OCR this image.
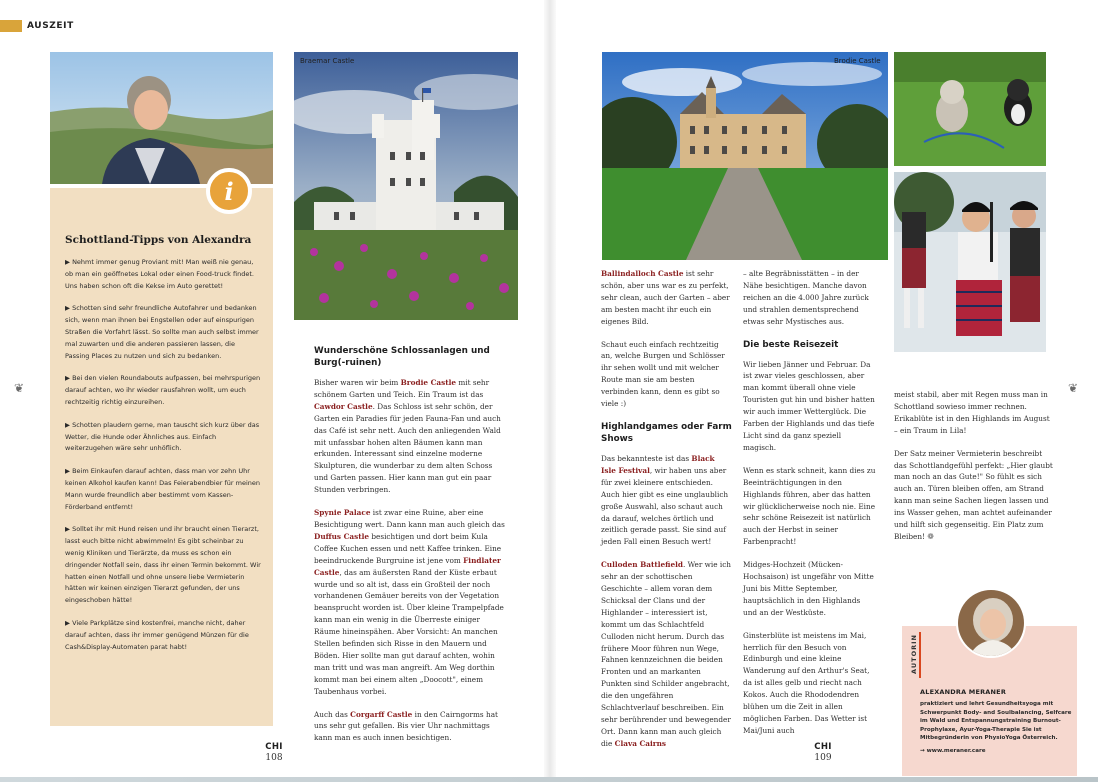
AUSZEIT
Schottland-Tipps von Alexandra

▶ Nehmt immer genug Proviant mit! Man weiß nie genau, ob man ein geöffnetes Lokal oder einen Food-truck findet. Uns haben schon oft die Kekse im Auto gerettet!

▶ Schotten sind sehr freundliche Autofahrer und bedanken sich, wenn man ihnen bei Engstellen oder auf einspurigen Straßen die Vorfahrt lässt. So sollte man auch selbst immer mal zuwarten und die anderen passieren lassen, die Passing Places zu nutzen und sich zu bedanken.

▶ Bei den vielen Roundabouts aufpassen, bei mehrspurigen darauf achten, wo ihr wieder rausfahren wollt, um euch rechtzeitig richtig einzureihen.

▶ Schotten plaudern gerne, man tauscht sich kurz über das Wetter, die Hunde oder Ähnliches aus. Einfach weiterzugehen wäre sehr unhöflich.

▶ Beim Einkaufen darauf achten, dass man vor zehn Uhr keinen Alkohol kaufen kann! Das Feierabendbier für meinen Mann wurde freundlich aber bestimmt vom Kassen-Förderband entfernt!

▶ Solltet ihr mit Hund reisen und ihr braucht einen Tierarzt, lasst euch bitte nicht abwimmeln! Es gibt scheinbar zu wenig Kliniken und Tierärzte, da muss es schon ein dringender Notfall sein, dass ihr einen Termin bekommt. Wir hatten einen Notfall und ohne unsere liebe Vermieterin hätten wir keinen einzigen Tierarzt gefunden, der uns eingeschoben hätte!

▶ Viele Parkplätze sind kostenfrei, manche nicht, daher darauf achten, dass ihr immer genügend Münzen für die Cash&Display-Automaten parat habt!

i
Braemar Castle
Wunderschöne Schlossanlagen und Burg(-ruinen)

Bisher waren wir beim Brodie Castle mit sehr schönem Garten und Teich. Ein Traum ist das Cawdor Castle. Das Schloss ist sehr schön, der Garten ein Paradies für jeden Fauna-Fan und auch das Café ist sehr nett. Auch den anliegenden Wald mit unfassbar hohen alten Bäumen kann man erkunden. Interessant sind einzelne moderne Skulpturen, die wunderbar zu dem alten Schoss und Garten passen. Hier kann man gut ein paar Stunden verbringen.

Spynie Palace ist zwar eine Ruine, aber eine Besichtigung wert. Dann kann man auch gleich das Duffus Castle besichtigen und dort beim Kula Coffee Kuchen essen und nett Kaffee trinken. Eine beeindruckende Burgruine ist jene vom Findlater Castle, das am äußersten Rand der Küste erbaut wurde und so alt ist, dass ein Großteil der noch vorhandenen Gemäuer bereits von der Vegetation beansprucht worden ist. Über kleine Trampelpfade kann man ein wenig in die Überreste einiger Räume hineinspähen. Aber Vorsicht: An manchen Stellen befinden sich Risse in den Mauern und Böden. Hier sollte man gut darauf achten, wohin man tritt und was man angreift. Am Weg dorthin kommt man bei einem alten „Doocott", einem Taubenhaus vorbei.

Auch das Corgarff Castle in den Cairngorms hat uns sehr gut gefallen. Bis vier Uhr nachmittags kann man es auch innen besichtigen.

CHI
108
❦
Brodie Castle

Ballindalloch Castle ist sehr schön, aber uns war es zu perfekt, sehr clean, auch der Garten – aber am besten macht ihr euch ein eigenes Bild.

Schaut euch einfach rechtzeitig an, welche Burgen und Schlösser ihr sehen wollt und mit welcher Route man sie am besten verbinden kann, denn es gibt so viele :)

Highlandgames oder Farm Shows

Das bekannteste ist das Black Isle Festival, wir haben uns aber für zwei kleinere entschieden. Auch hier gibt es eine unglaublich große Auswahl, also schaut auch da darauf, welches örtlich und zeitlich gerade passt. Sie sind auf jeden Fall einen Besuch wert!

Culloden Battlefield. Wer wie ich sehr an der schottischen Geschichte – allem voran dem Schicksal der Clans und der Highlander – interessiert ist, kommt um das Schlachtfeld Culloden nicht herum. Durch das frühere Moor führen nun Wege, Fahnen kennzeichnen die beiden Fronten und an markanten Punkten sind Schilder angebracht, die den ungefähren Schlachtverlauf beschreiben. Ein sehr berührender und bewegender Ort. Dann kann man auch gleich die Clava Cairns

– alte Begräbnisstätten – in der Nähe besichtigen. Manche davon reichen an die 4.000 Jahre zurück und strahlen dementsprechend etwas sehr Mystisches aus.

Die beste Reisezeit

Wir lieben Jänner und Februar. Da ist zwar vieles geschlossen, aber man kommt überall ohne viele Touristen gut hin und bisher hatten wir auch immer Wetterglück. Die Farben der Highlands und das tiefe Licht sind da ganz speziell magisch.

Wenn es stark schneit, kann dies zu Beeinträchtigungen in den Highlands führen, aber das hatten wir glücklicherweise noch nie. Eine sehr schöne Reisezeit ist natürlich auch der Herbst in seiner Farbenpracht!

Midges-Hochzeit (Mücken-Hochsaison) ist ungefähr von Mitte Juni bis Mitte September, hauptsächlich in den Highlands und an der Westküste.

Ginsterblüte ist meistens im Mai, herrlich für den Besuch von Edinburgh und eine kleine Wanderung auf den Arthur's Seat, da ist alles gelb und riecht nach Kokos. Auch die Rhododendren blühen um die Zeit in allen möglichen Farben. Das Wetter ist Mai/Juni auch

meist stabil, aber mit Regen muss man in Schottland sowieso immer rechnen. Erikablüte ist in den Highlands im August – ein Traum in Lila!

Der Satz meiner Vermieterin beschreibt das Schottlandgefühl perfekt: „Hier glaubt man noch an das Gute!" So fühlt es sich auch an. Türen bleiben offen, am Strand kann man seine Sachen liegen lassen und ins Wasser gehen, man achtet aufeinander und hilft sich gegenseitig. Ein Platz zum Bleiben! ❁

AUTORIN
ALEXANDRA MERANER
praktiziert und lehrt Gesundheitsyoga mit Schwerpunkt Body- and Soulbalancing, Selfcare im Wald und Entspannungstraining Burnout-Prophylaxe, Ayur-Yoga-Therapie Sie ist Mitbegründerin von PhysioYoga Österreich.
→ www.meraner.care
CHI
109
❦
